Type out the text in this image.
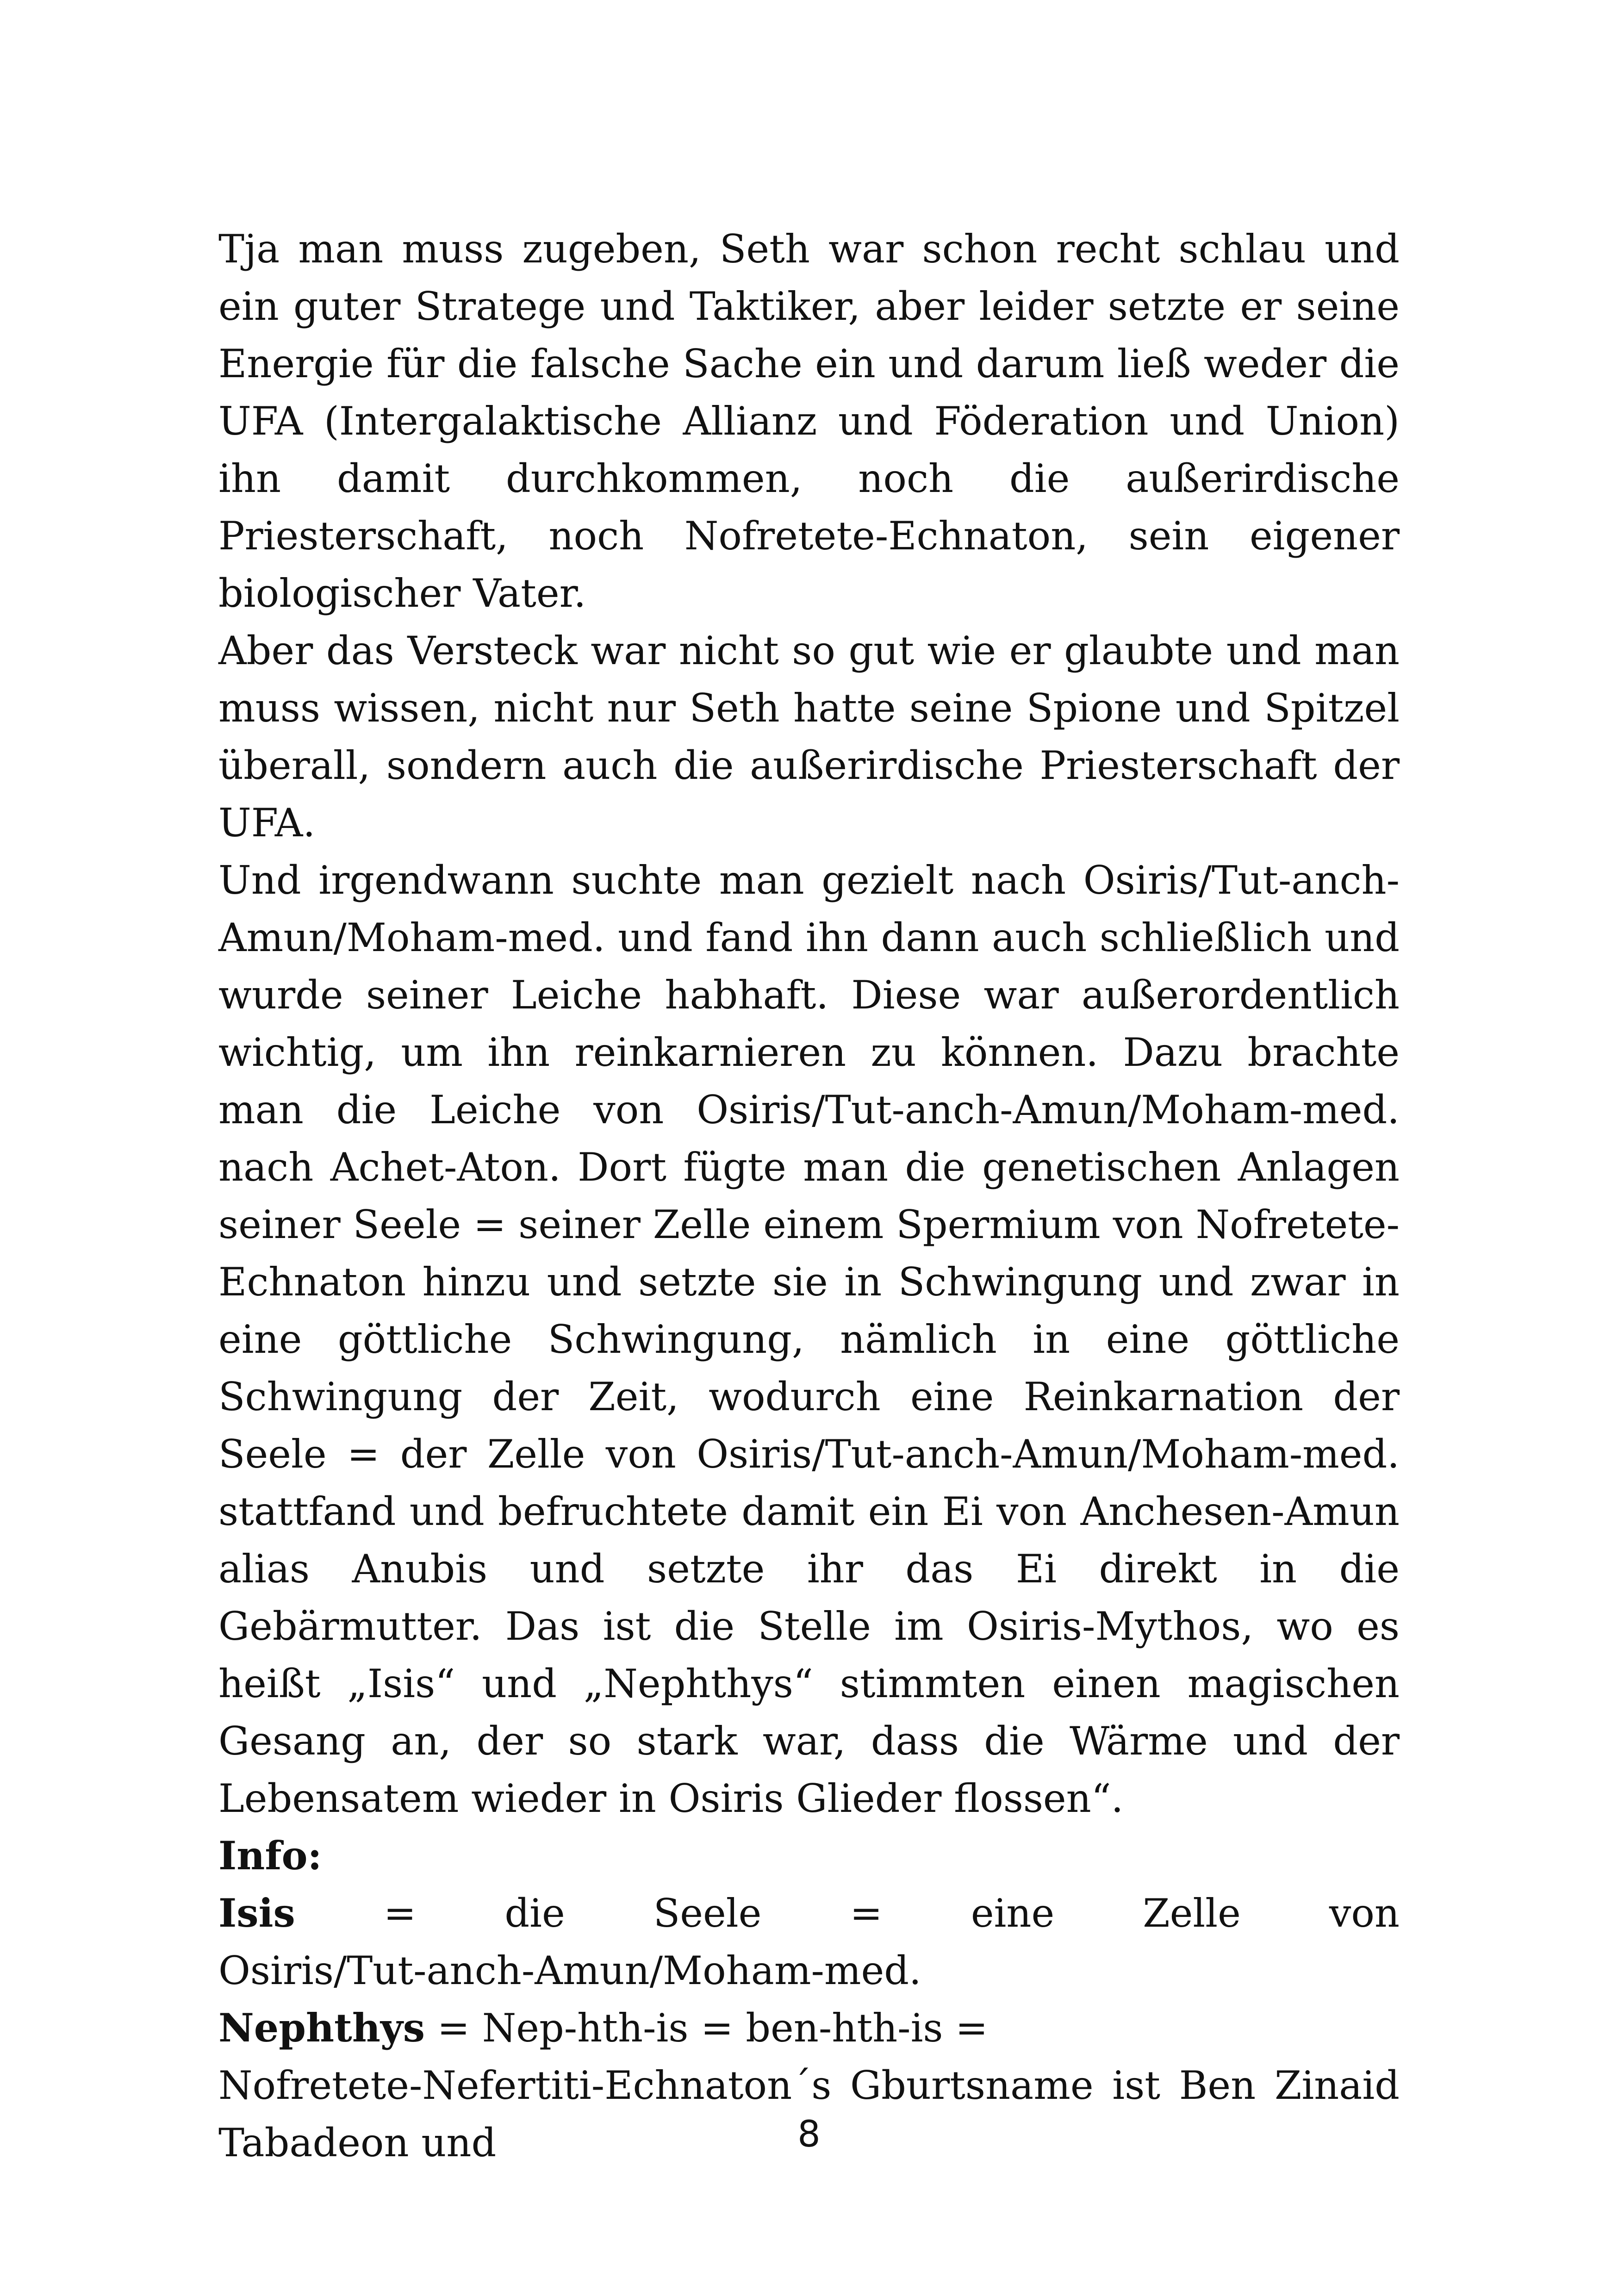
Tja man muss zugeben, Seth war schon recht schlau und ein guter Stratege und Taktiker, aber leider setzte er seine Energie für die falsche Sache ein und darum ließ weder die UFA (Intergalaktische Allianz und Föderation und Union) ihn damit durchkommen, noch die außerirdische Priesterschaft, noch Nofretete-Echnaton, sein eigener biologischer Vater.

Aber das Versteck war nicht so gut wie er glaubte und man muss wissen, nicht nur Seth hatte seine Spione und Spitzel überall, sondern auch die außerirdische Priesterschaft der UFA.

Und irgendwann suchte man gezielt nach Osiris/Tut-anch-Amun/Moham-med. und fand ihn dann auch schließlich und wurde seiner Leiche habhaft. Diese war außerordentlich wichtig, um ihn reinkarnieren zu können. Dazu brachte man die Leiche von Osiris/Tut-anch-Amun/Moham-med. nach Achet-Aton. Dort fügte man die genetischen Anlagen seiner Seele = seiner Zelle einem Spermium von Nofretete-Echnaton hinzu und setzte sie in Schwingung und zwar in eine göttliche Schwingung, nämlich in eine göttliche Schwingung der Zeit, wodurch eine Reinkarnation der Seele = der Zelle von Osiris/Tut-anch-Amun/Moham-med. stattfand und befruchtete damit ein Ei von Anchesen-Amun alias Anubis und setzte ihr das Ei direkt in die Gebärmutter. Das ist die Stelle im Osiris-Mythos, wo es heißt „Isis“ und „Nephthys“ stimmten einen magischen Gesang an, der so stark war, dass die Wärme und der Lebensatem wieder in Osiris Glieder flossen“.

Info:

Isis = die Seele = eine Zelle von

Osiris/Tut-anch-Amun/Moham-med.

Nephthys = Nep-hth-is = ben-hth-is =

Nofretete-Nefertiti-Echnaton´s Gburtsname ist Ben Zinaid Tabadeon und	8
